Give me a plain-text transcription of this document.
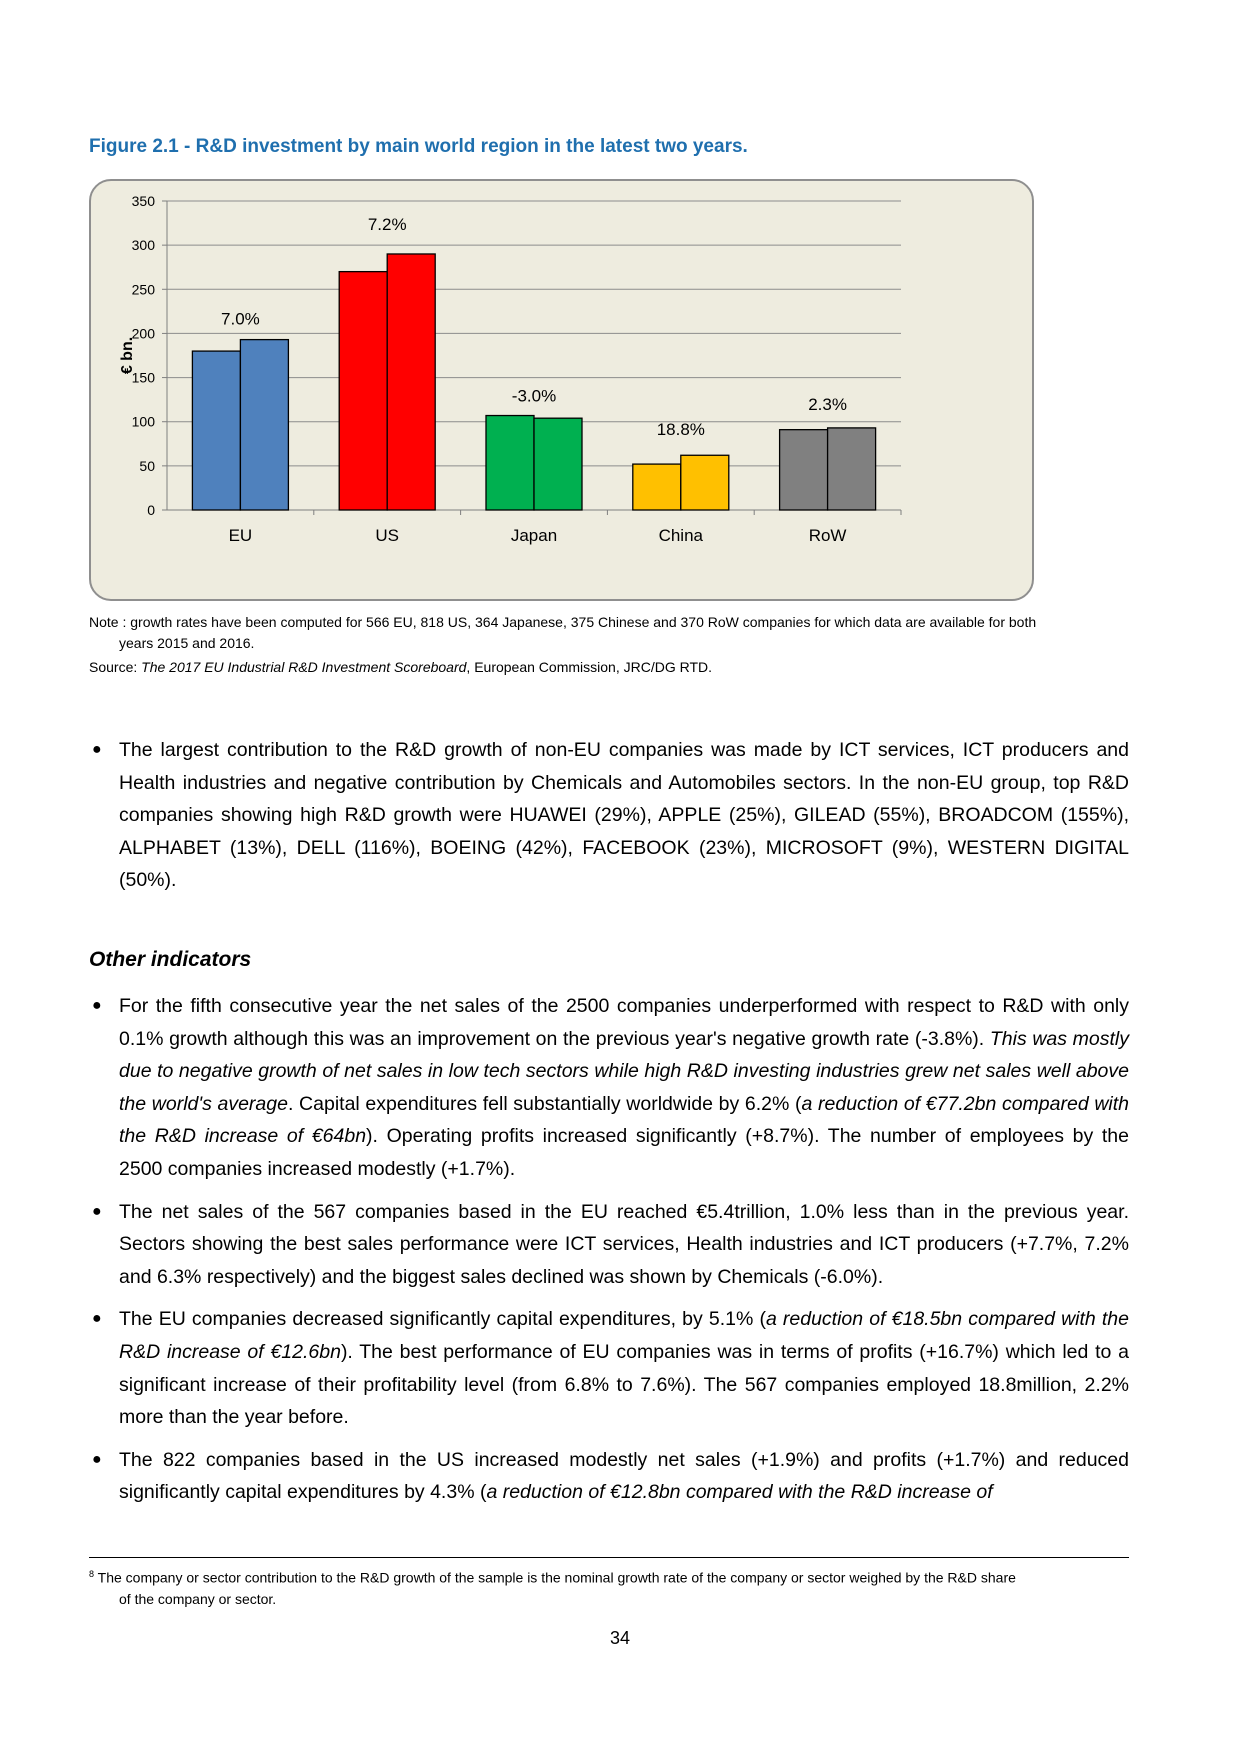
Figure 2.1 - R&D investment by main world region in the latest two years.
0
50
100
150
200
250
300
350
€ bn.
EU
7.0%
US
7.2%
Japan
-3.0%
China
18.8%
RoW
2.3%
Note : growth rates have been computed for 566 EU, 818 US, 364 Japanese, 375 Chinese and 370 RoW companies for which data are available for both
years 2015 and 2016.
Source: The 2017 EU Industrial R&D Investment Scoreboard, European Commission, JRC/DG RTD.

● The largest contribution to the R&D growth of non-EU companies was made by ICT services, ICT producers and Health industries and negative contribution by Chemicals and Automobiles sectors. In the non-EU group, top R&D companies showing high R&D growth were HUAWEI (29%), APPLE (25%), GILEAD (55%), BROADCOM (155%), ALPHABET (13%), DELL (116%), BOEING (42%), FACEBOOK (23%), MICROSOFT (9%), WESTERN DIGITAL (50%).

Other indicators

● For the fifth consecutive year the net sales of the 2500 companies underperformed with respect to R&D with only 0.1% growth although this was an improvement on the previous year's negative growth rate (-3.8%). This was mostly due to negative growth of net sales in low tech sectors while high R&D investing industries grew net sales well above the world's average. Capital expenditures fell substantially worldwide by 6.2% (a reduction of €77.2bn compared with the R&D increase of €64bn). Operating profits increased significantly (+8.7%). The number of employees by the 2500 companies increased modestly (+1.7%).

● The net sales of the 567 companies based in the EU reached €5.4trillion, 1.0% less than in the previous year. Sectors showing the best sales performance were ICT services, Health industries and ICT producers (+7.7%, 7.2% and 6.3% respectively) and the biggest sales declined was shown by Chemicals (-6.0%).

● The EU companies decreased significantly capital expenditures, by 5.1% (a reduction of €18.5bn compared with the R&D increase of €12.6bn). The best performance of EU companies was in terms of profits (+16.7%) which led to a significant increase of their profitability level (from 6.8% to 7.6%). The 567 companies employed 18.8million, 2.2% more than the year before.

● The 822 companies based in the US increased modestly net sales (+1.9%) and profits (+1.7%) and reduced significantly capital expenditures by 4.3% (a reduction of €12.8bn compared with the R&D increase of

$^8$ The company or sector contribution to the R&D growth of the sample is the nominal growth rate of the company or sector weighed by the R&D share
of the company or sector.
34
